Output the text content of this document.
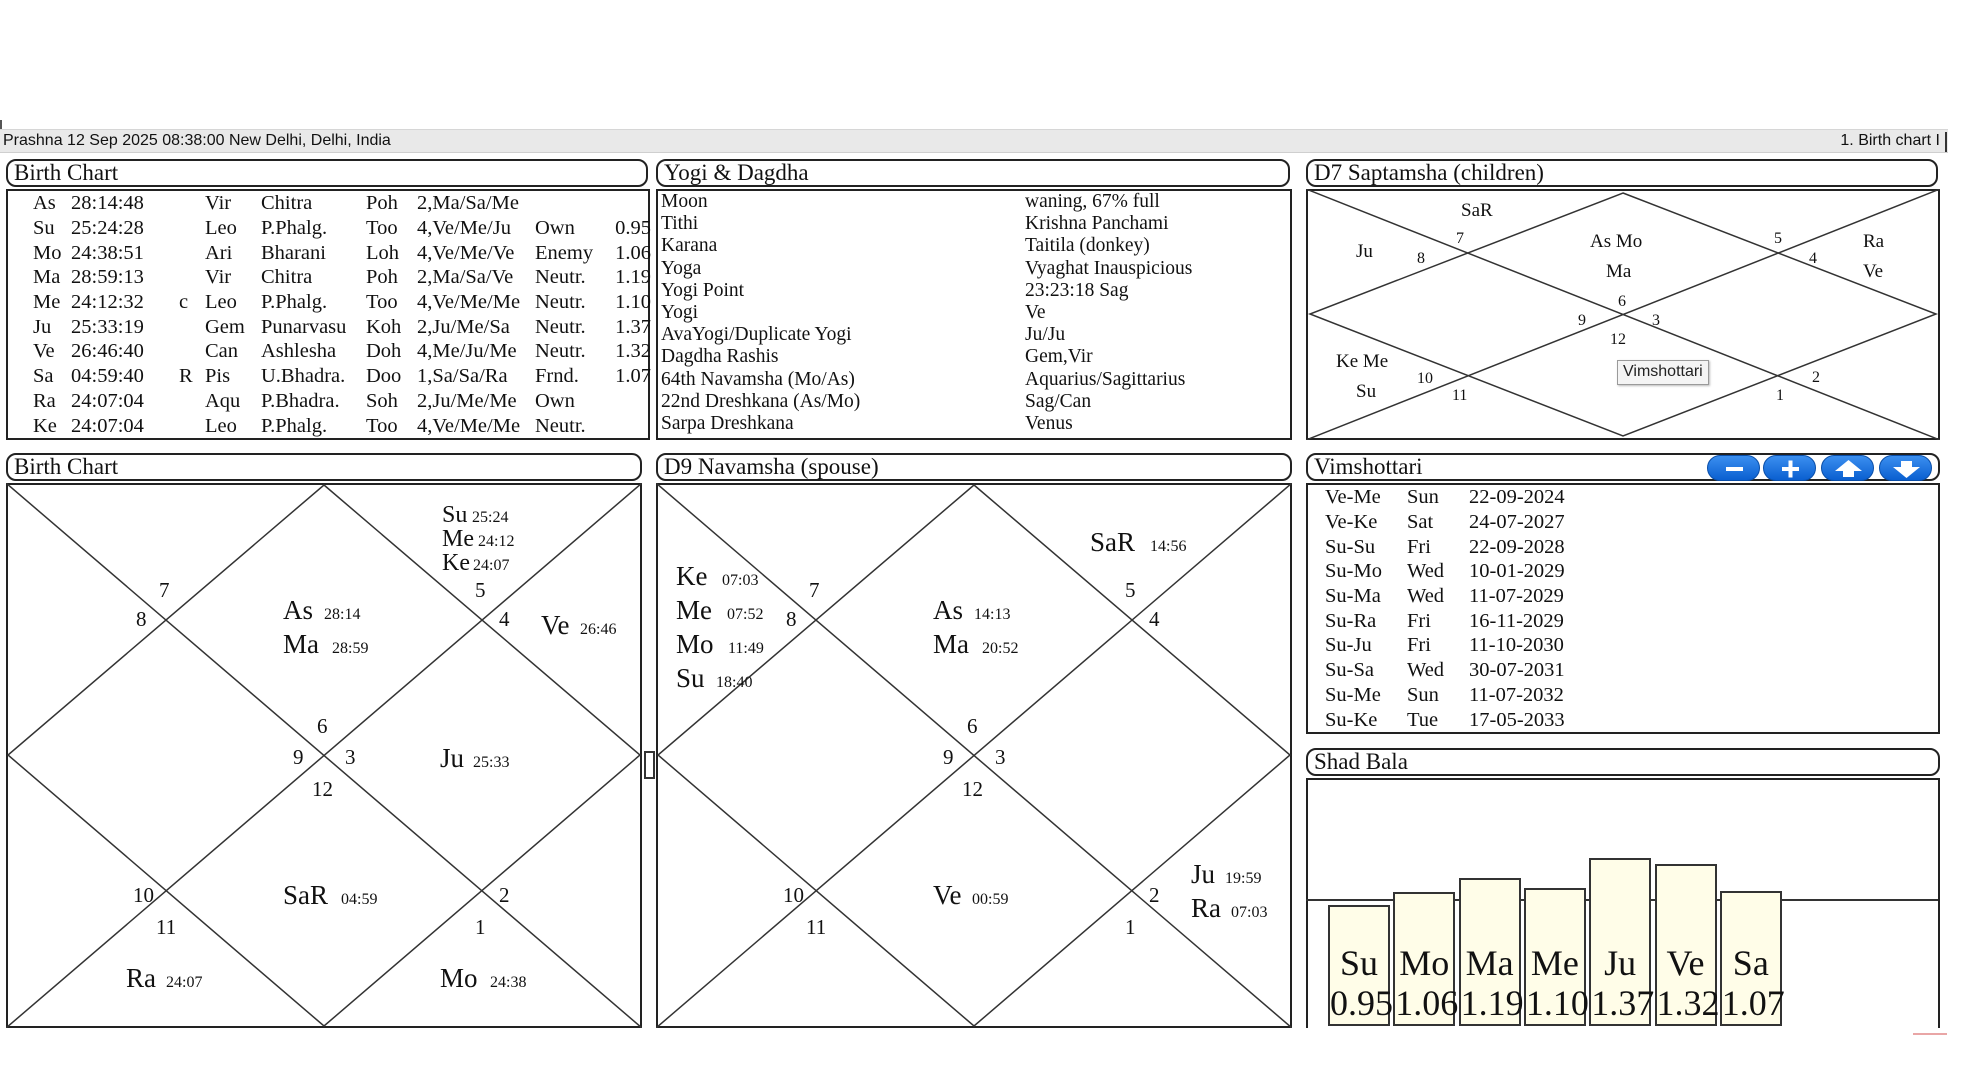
Prashna 12 Sep 2025 08:38:00 New Delhi, Delhi, India	1. Birth chart I
Birth Chart
As	28:14:48		Vir	Chitra	Poh	2,Ma/Sa/Me		
Su	25:24:28		Leo	P.Phalg.	Too	4,Ve/Me/Ju	Own	0.95
Mo	24:38:51		Ari	Bharani	Loh	4,Ve/Me/Ve	Enemy	1.06
Ma	28:59:13		Vir	Chitra	Poh	2,Ma/Sa/Ve	Neutr.	1.19
Me	24:12:32	c	Leo	P.Phalg.	Too	4,Ve/Me/Me	Neutr.	1.10
Ju	25:33:19		Gem	Punarvasu	Koh	2,Ju/Me/Sa	Neutr.	1.37
Ve	26:46:40		Can	Ashlesha	Doh	4,Me/Ju/Me	Neutr.	1.32
Sa	04:59:40	R	Pis	U.Bhadra.	Doo	1,Sa/Sa/Ra	Frnd.	1.07
Ra	24:07:04		Aqu	P.Bhadra.	Soh	2,Ju/Me/Me	Own	
Ke	24:07:04		Leo	P.Phalg.	Too	4,Ve/Me/Me	Neutr.	
Yogi & Dagdha
Moon	waning, 67% full
Tithi	Krishna Panchami
Karana	Taitila (donkey)
Yoga	Vyaghat Inauspicious
Yogi Point	23:23:18 Sag
Yogi	Ve
AvaYogi/Duplicate Yogi	Ju/Ju
Dagdha Rashis	Gem,Vir
64th Navamsha (Mo/As)	Aquarius/Sagittarius
22nd Dreshkana (As/Mo)	Sag/Can
Sarpa Dreshkana	Venus
D7 Saptamsha (children)
SaR
Ju	As Mo
Ma
Ra
Ve
Ke Me
Su
7
8
5
4
6
9	3
12
10
11
2
1
Vimshottari
Birth Chart
Su 25:24
Me 24:12
Ke 24:07
As 28:14
Ma 28:59
Ve 26:46
Ju 25:33
SaR 04:59
Ra 24:07	Mo 24:38
7
8
5
4
6
9 3
12
10
11
2
1
D9 Navamsha (spouse)
Ke 07:03
Me 07:52
Mo 11:49
Su 18:40
As 14:13
Ma 20:52
SaR 14:56
Ve 00:59
Ju 19:59
Ra 07:03
7
8
5
4
6
9 3
12
10
11
2
1
Vimshottari
Ve-Me	Sun	22-09-2024
Ve-Ke	Sat	24-07-2027
Su-Su	Fri	22-09-2028
Su-Mo	Wed	10-01-2029
Su-Ma	Wed	11-07-2029
Su-Ra	Fri	16-11-2029
Su-Ju	Fri	11-10-2030
Su-Sa	Wed	30-07-2031
Su-Me	Sun	11-07-2032
Su-Ke	Tue	17-05-2033
Shad Bala
Su
0.95
Mo
1.06
Ma
1.19
Me
1.10
Ju
1.37
Ve
1.32
Sa
1.07
